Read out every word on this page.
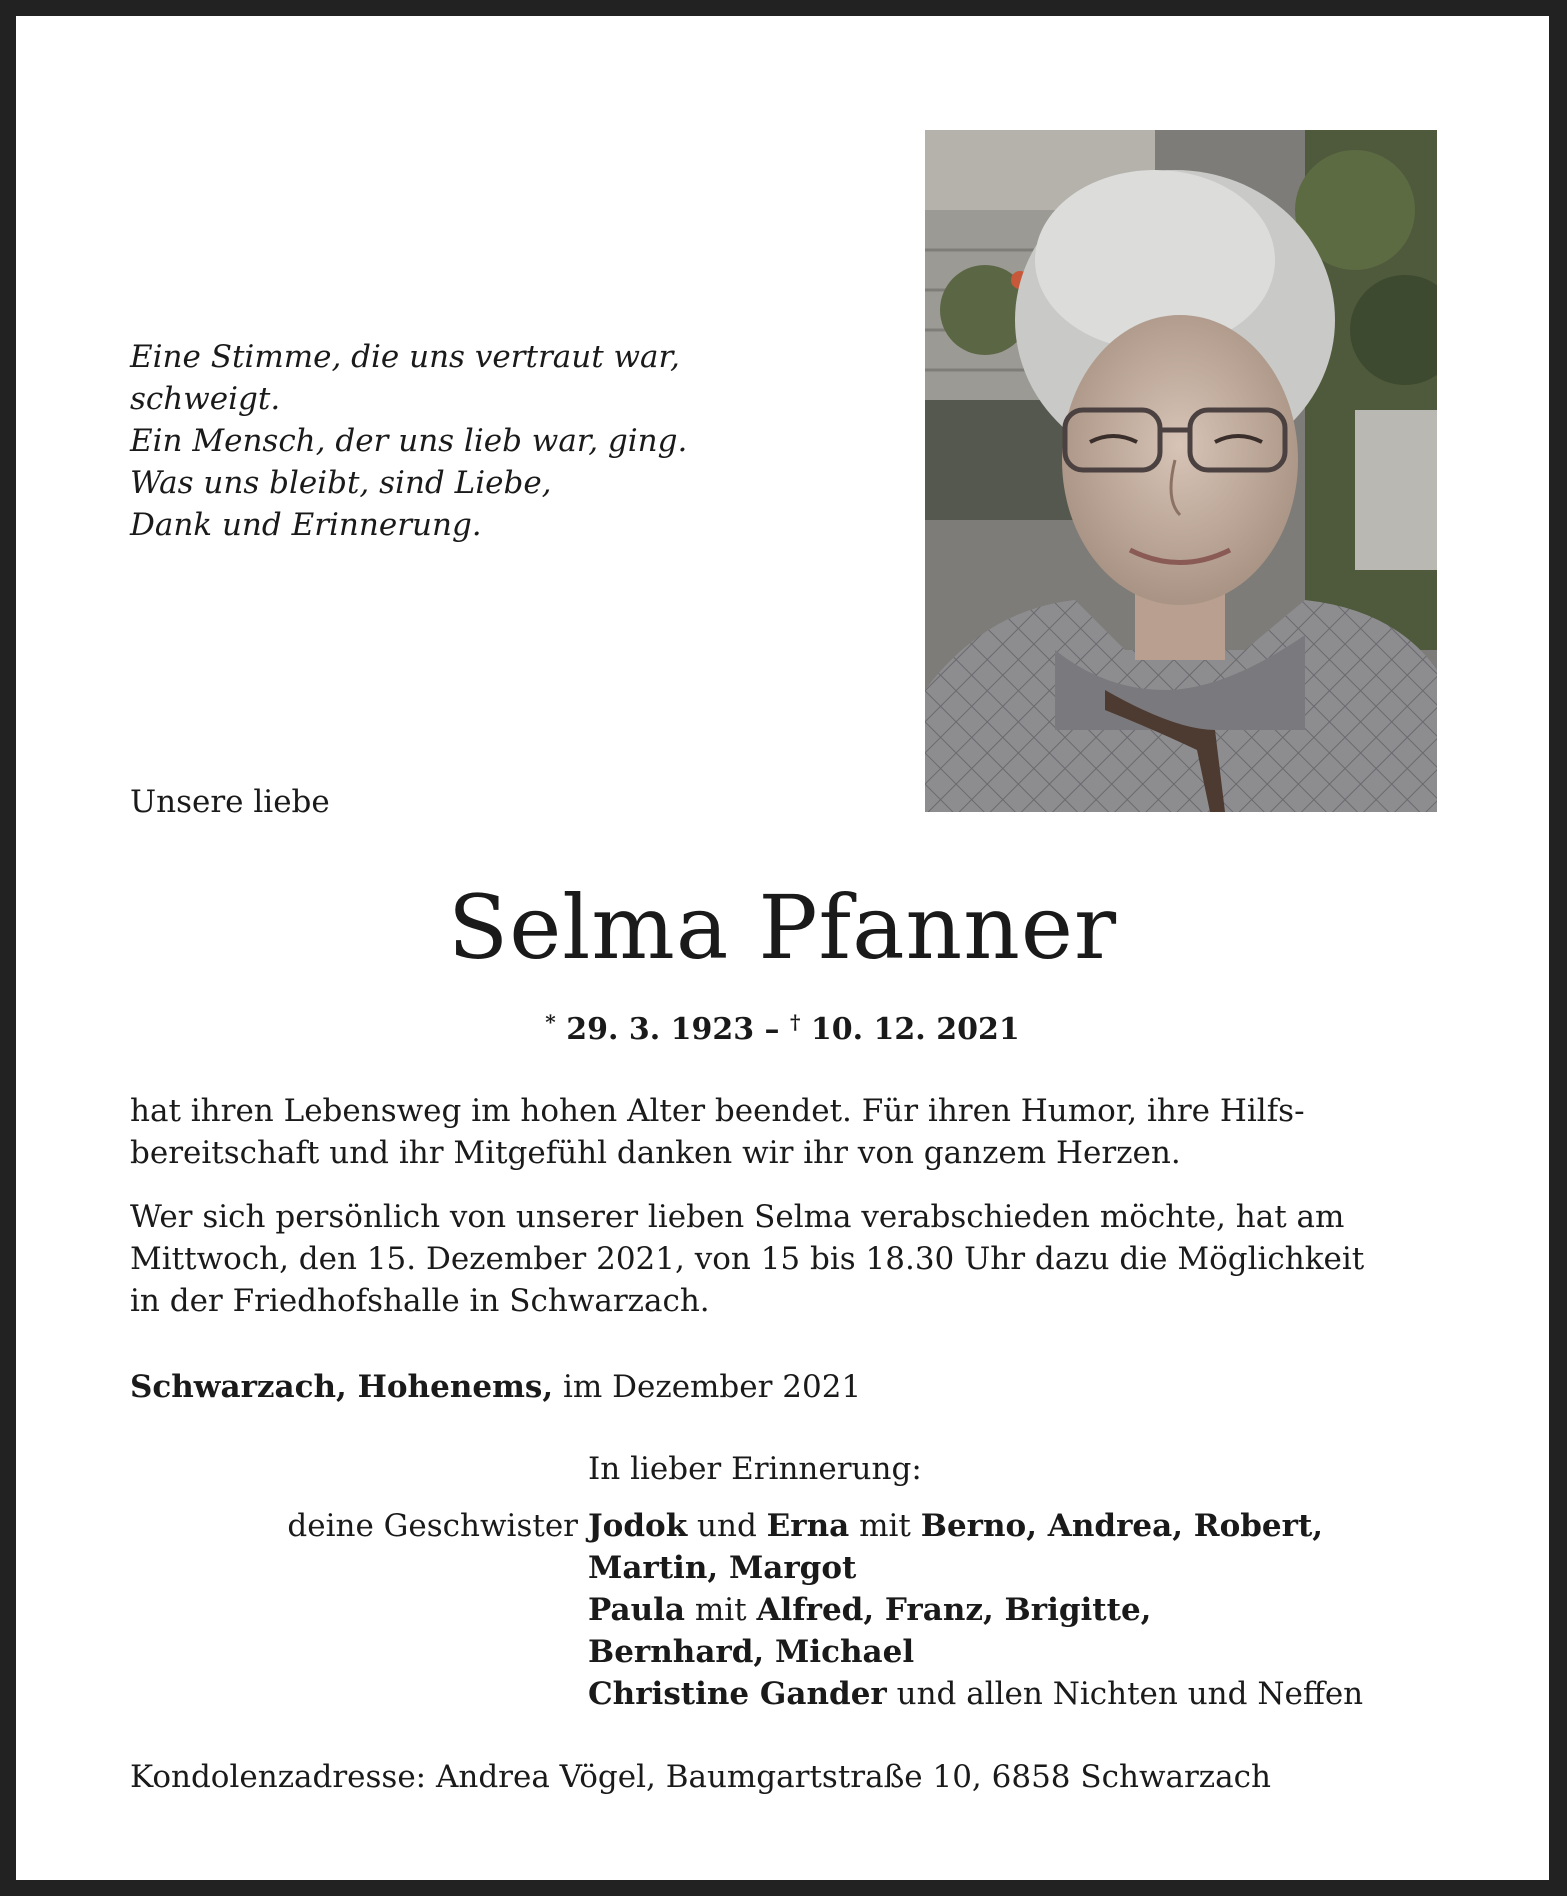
Eine Stimme, die uns vertraut war,
schweigt.
Ein Mensch, der uns lieb war, ging.
Was uns bleibt, sind Liebe,
Dank und Erinnerung.
Unsere liebe
Selma Pfanner
* 29. 3. 1923 – † 10. 12. 2021
hat ihren Lebensweg im hohen Alter beendet. Für ihren Humor, ihre Hilfs-
bereitschaft und ihr Mitgefühl danken wir ihr von ganzem Herzen.
Wer sich persönlich von unserer lieben Selma verabschieden möchte, hat am
Mittwoch, den 15. Dezember 2021, von 15 bis 18.30 Uhr dazu die Möglichkeit
in der Friedhofshalle in Schwarzach.
Schwarzach, Hohenems, im Dezember 2021
In lieber Erinnerung:
deine Geschwister Jodok und Erna mit Berno, Andrea, Robert,
Martin, Margot
Paula mit Alfred, Franz, Brigitte,
Bernhard, Michael
Christine Gander und allen Nichten und Neffen
Kondolenzadresse: Andrea Vögel, Baumgartstraße 10, 6858 Schwarzach
